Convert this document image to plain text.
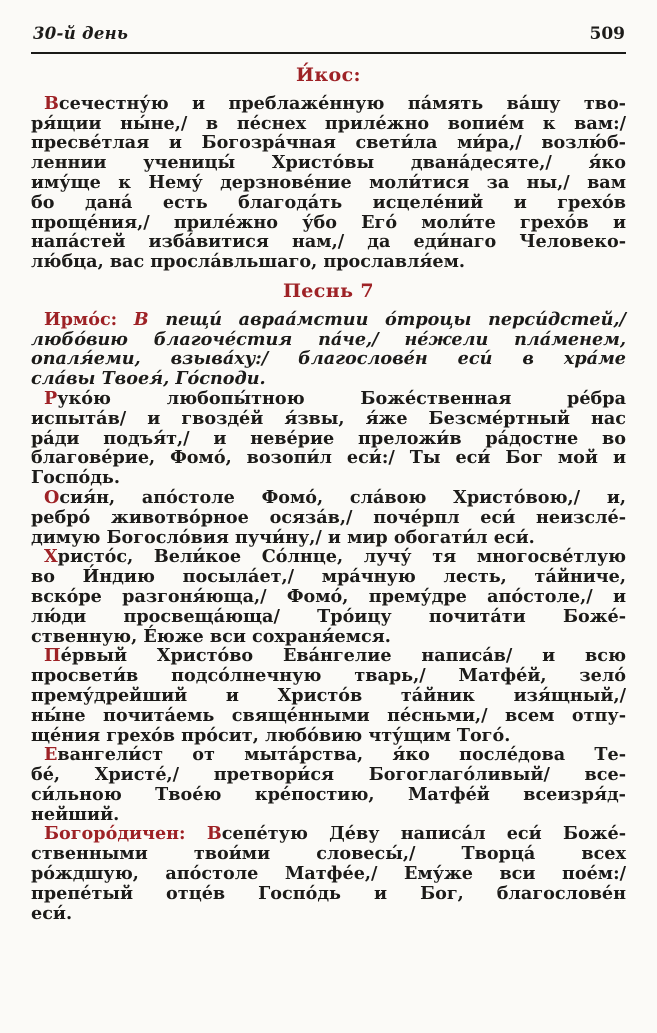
30-й день	509
И́кос:
Всечестну́ю и преблаже́нную па́мять ва́шу тво-
ря́щии ны́не,/ в пе́снех приле́жно вопие́м к вам:/
пресве́тлая и Богозра́чная свети́ла ми́ра,/ возлю́б-
леннии ученицы́ Христо́вы двана́десяте,/ я́ко
иму́ще к Нему́ дерзнове́ние моли́тися за ны,/ вам
бо дана́ есть благода́ть исцеле́ний и грехо́в
проще́ния,/ приле́жно у́бо Его́ моли́те грехо́в и
напа́стей изба́витися нам,/ да еди́наго Человеко-
лю́бца, вас просла́вльшаго, прославля́ем.
Песнь 7
Ирмо́с: В пещи́ авраа́мстии о́троцы перси́дстей,/
любо́вию благоче́стия па́че,/ не́жели пла́менем,
опаля́еми, взыва́ху:/ благослове́н еси́ в хра́ме
сла́вы Твоея́, Го́споди.
Руко́ю любопы́тною Боже́ственная ре́бра
испыта́в/ и гвозде́й я́звы, я́же Безсме́ртный нас
ра́ди подъя́т,/ и неве́рие преложи́в ра́достне во
благове́рие, Фомо́, возопи́л еси́:/ Ты еси́ Бог мой и
Госпо́дь.
Осия́н, апо́столе Фомо́, сла́вою Христо́вою,/ и,
ребро́ животво́рное осяза́в,/ поче́рпл еси́ неизсле́-
димую Богосло́вия пучи́ну,/ и мир обогати́л еси́.
Христо́с, Вели́кое Со́лнце, лучу́ тя многосве́тлую
во И́ндию посыла́ет,/ мра́чную лесть, та́йниче,
вско́ре разгоня́юща,/ Фомо́, прему́дре апо́столе,/ и
лю́ди просвеща́юща/ Тро́ицу почита́ти Боже́-
ственную, Е́юже вси сохраня́емся.
Пе́рвый Христо́во Ева́нгелие написа́в/ и всю
просвети́в подсо́лнечную тварь,/ Матфе́й, зело́
прему́дрейший и Христо́в та́йник изя́щный,/
ны́не почита́емь свяще́нными пе́сньми,/ всем отпу-
ще́ния грехо́в про́сит, любо́вию чту́щим Того́.
Евангели́ст от мыта́рства, я́ко после́дова Те-
бе́, Христе́,/ претвори́ся Богоглаго́ливый/ все-
си́льною Твое́ю кре́постию, Матфе́й всеизря́д-
нейший.
Богоро́дичен: Всепе́тую Де́ву написа́л еси́ Боже́-
ственными твои́ми словесы́,/ Творца́ всех
ро́ждшую, апо́столе Матфе́е,/ Ему́же вси пое́м:/
препе́тый отце́в Госпо́дь и Бог, благослове́н
еси́.
